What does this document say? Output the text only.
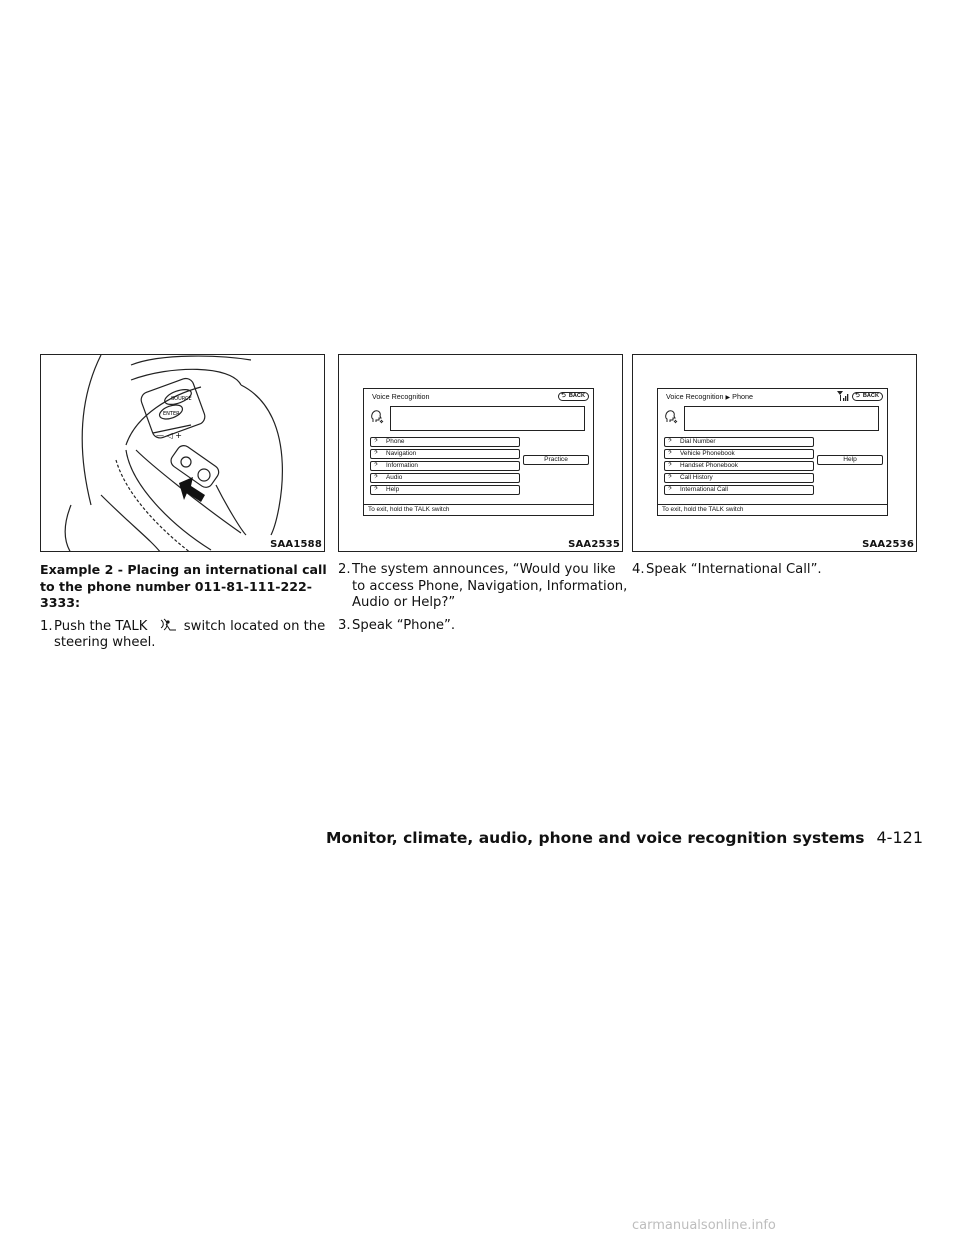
SOURCE
ENTER
— ◁ +
SAA1588
Voice Recognition	⮌ BACK
𝄢 Phone
𝄢 Navigation
𝄢 Information
𝄢 Audio
𝄢 Help
Practice
To exit, hold the TALK switch
SAA2535
Voice Recognition ▶ Phone	⮌ BACK
𝄢 Dial Number
𝄢 Vehicle Phonebook
𝄢 Handset Phonebook
𝄢 Call History
𝄢 International Call
Help
To exit, hold the TALK switch
SAA2536
Example 2 - Placing an international call to the phone number 011-81-111-222-3333:
1.Push the TALK	switch located on the steering wheel.
2.The system announces, “Would you like to access Phone, Navigation, Information, Audio or Help?”
3.Speak “Phone”.
4.Speak “International Call”.
Monitor, climate, audio, phone and voice recognition systems 4-121
carmanualsonline.info
